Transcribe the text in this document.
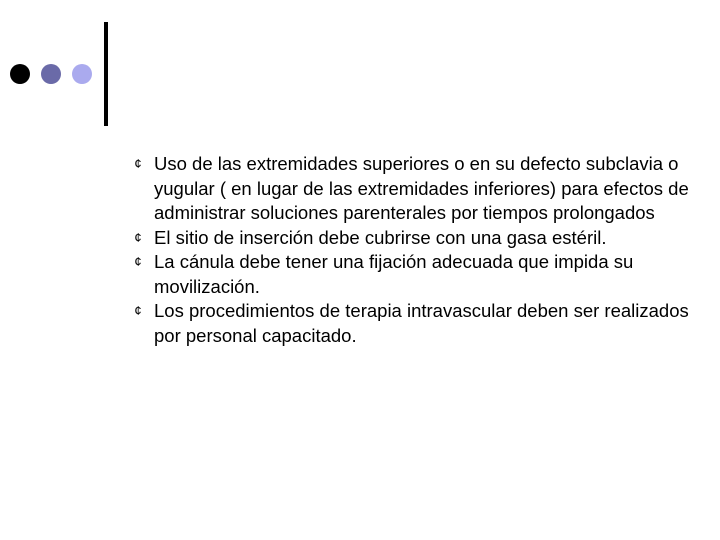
¢ Uso de las extremidades superiores o en su defecto subclavia o yugular ( en lugar de las extremidades inferiores) para efectos de administrar soluciones parenterales por tiempos prolongados
¢ El sitio de inserción debe cubrirse con una gasa estéril.
¢ La cánula debe tener una fijación adecuada que impida su movilización.
¢ Los procedimientos de terapia intravascular deben ser realizados por personal capacitado.
